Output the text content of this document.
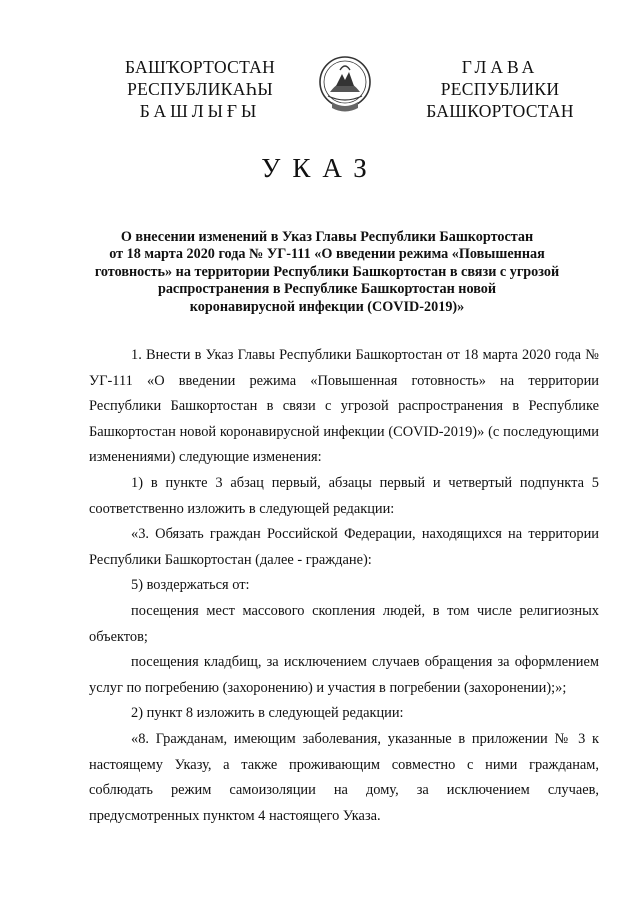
БАШҠОРТОСТАН
РЕСПУБЛИКАҺЫ
БАШЛЫҒЫ
ГЛАВА
РЕСПУБЛИКИ
БАШКОРТОСТАН
УКАЗ
О внесении изменений в Указ Главы Республики Башкортостан
от 18 марта 2020 года № УГ-111 «О введении режима «Повышенная
готовность» на территории Республики Башкортостан в связи с угрозой
распространения в Республике Башкортостан новой
коронавирусной инфекции (COVID-2019)»
1. Внести в Указ Главы Республики Башкортостан от 18 марта 2020 года № УГ-111 «О введении режима «Повышенная готовность» на территории Республики Башкортостан в связи с угрозой распространения в Республике Башкортостан новой коронавирусной инфекции (COVID-2019)» (с последующими изменениями) следующие изменения:
1) в пункте 3 абзац первый, абзацы первый и четвертый подпункта 5 соответственно изложить в следующей редакции:
«3. Обязать граждан Российской Федерации, находящихся на территории Республики Башкортостан (далее - граждане):
5) воздержаться от:
посещения мест массового скопления людей, в том числе религиозных объектов;
посещения кладбищ, за исключением случаев обращения за оформлением услуг по погребению (захоронению) и участия в погребении (захоронении);»;
2) пункт 8 изложить в следующей редакции:
«8. Гражданам, имеющим заболевания, указанные в приложении № 3 к настоящему Указу, а также проживающим совместно с ними гражданам, соблюдать режим самоизоляции на дому, за исключением случаев, предусмотренных пунктом 4 настоящего Указа.
